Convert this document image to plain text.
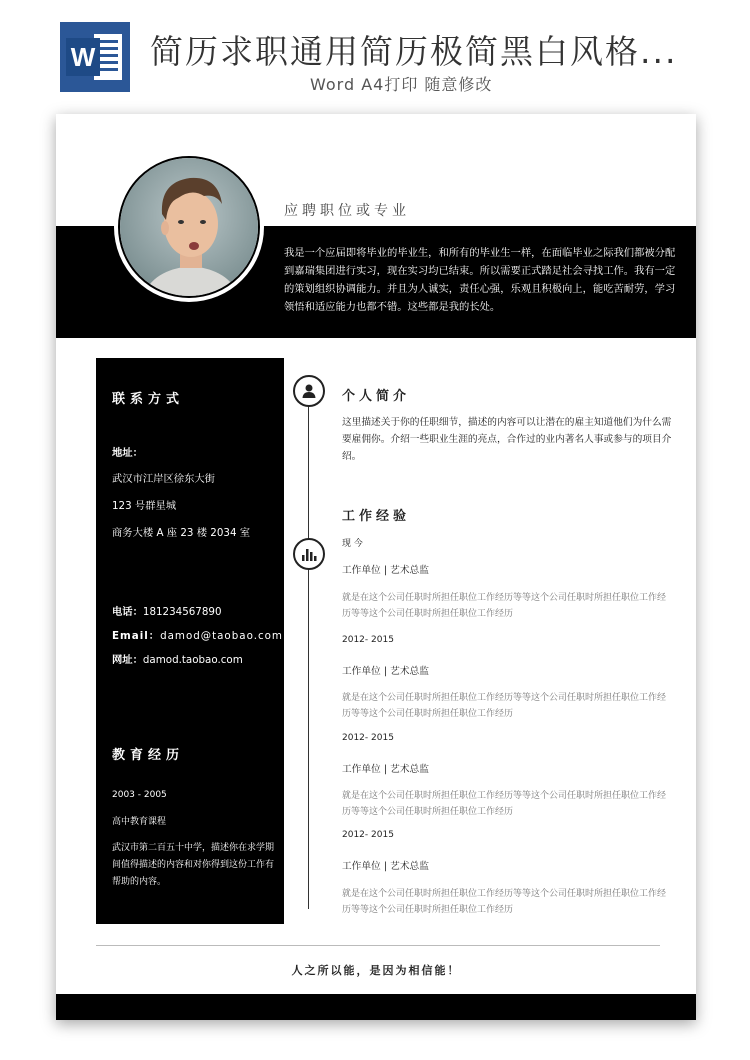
W 简历求职通用简历极简黑白风格...
Word A4打印 随意修改
应聘职位或专业
我是一个应届即将毕业的毕业生，和所有的毕业生一样，在面临毕业之际我们都被分配到嘉瑞集团进行实习，现在实习均已结束。所以需要正式踏足社会寻找工作。我有一定的策划组织协调能力。并且为人诚实，责任心强，乐观且积极向上，能吃苦耐劳，学习领悟和适应能力也都不错。这些都是我的长处。
联系方式
地址：
武汉市江岸区徐东大街
123 号群星城
商务大楼 A 座 23 楼 2034 室
电话：181234567890
Email：damod@taobao.com
网址：damod.taobao.com
教育经历
2003 - 2005
高中教育课程
武汉市第二百五十中学，描述你在求学期间值得描述的内容和对你得到这份工作有帮助的内容。
个人简介
这里描述关于你的任职细节，描述的内容可以让潜在的雇主知道他们为什么需要雇佣你。介绍一些职业生涯的亮点，合作过的业内著名人事或参与的项目介绍。
工作经验
现 今
工作单位 | 艺术总监
就是在这个公司任职时所担任职位工作经历等等这个公司任职时所担任职位工作经历等等这个公司任职时所担任职位工作经历
2012- 2015
工作单位 | 艺术总监
就是在这个公司任职时所担任职位工作经历等等这个公司任职时所担任职位工作经历等等这个公司任职时所担任职位工作经历
2012- 2015
工作单位 | 艺术总监
就是在这个公司任职时所担任职位工作经历等等这个公司任职时所担任职位工作经历等等这个公司任职时所担任职位工作经历
2012- 2015
工作单位 | 艺术总监
就是在这个公司任职时所担任职位工作经历等等这个公司任职时所担任职位工作经历等等这个公司任职时所担任职位工作经历
人之所以能，是因为相信能！
